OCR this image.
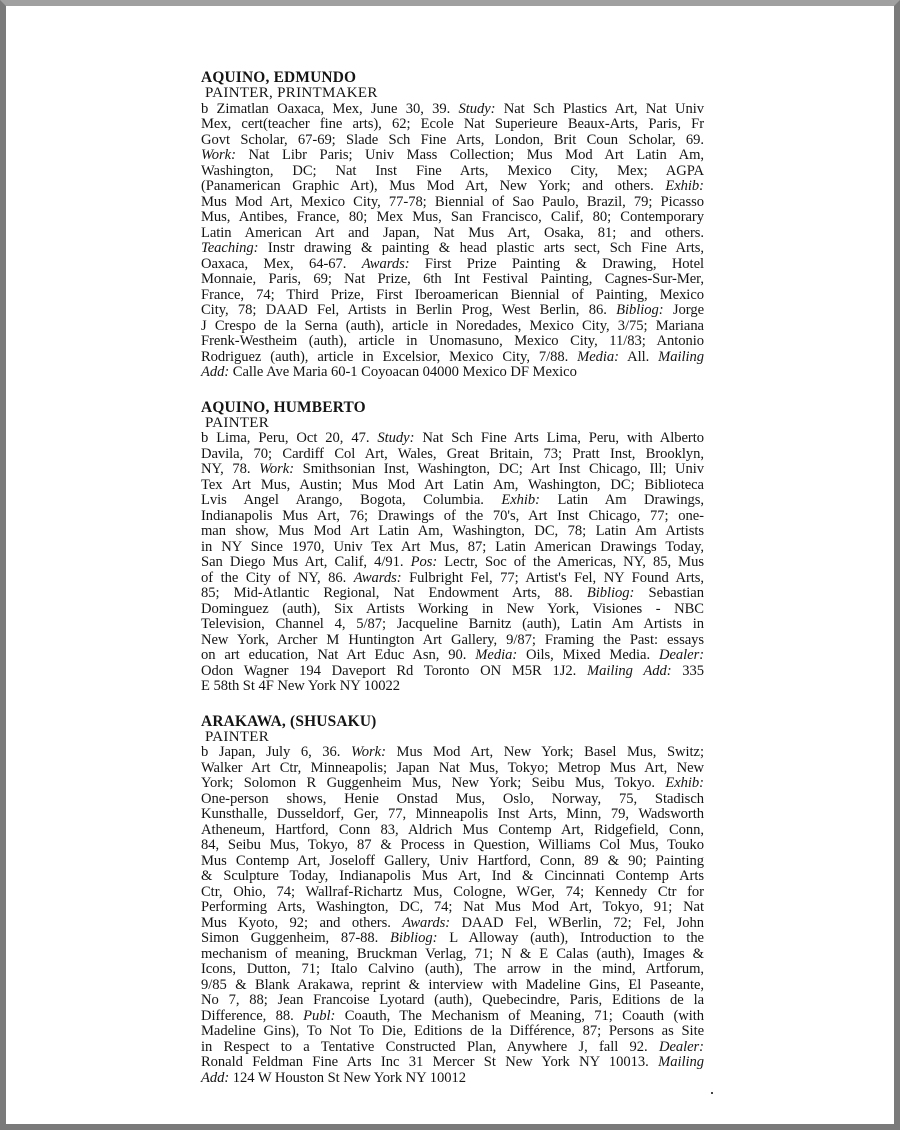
AQUINO, EDMUNDO
PAINTER, PRINTMAKER
b Zimatlan Oaxaca, Mex, June 30, 39. Study: Nat Sch Plastics Art, Nat Univ
Mex, cert(teacher fine arts), 62; Ecole Nat Superieure Beaux-Arts, Paris, Fr
Govt Scholar, 67-69; Slade Sch Fine Arts, London, Brit Coun Scholar, 69.
Work: Nat Libr Paris; Univ Mass Collection; Mus Mod Art Latin Am,
Washington, DC; Nat Inst Fine Arts, Mexico City, Mex; AGPA
(Panamerican Graphic Art), Mus Mod Art, New York; and others. Exhib:
Mus Mod Art, Mexico City, 77-78; Biennial of Sao Paulo, Brazil, 79; Picasso
Mus, Antibes, France, 80; Mex Mus, San Francisco, Calif, 80; Contemporary
Latin American Art and Japan, Nat Mus Art, Osaka, 81; and others.
Teaching: Instr drawing & painting & head plastic arts sect, Sch Fine Arts,
Oaxaca, Mex, 64-67. Awards: First Prize Painting & Drawing, Hotel
Monnaie, Paris, 69; Nat Prize, 6th Int Festival Painting, Cagnes-Sur-Mer,
France, 74; Third Prize, First Iberoamerican Biennial of Painting, Mexico
City, 78; DAAD Fel, Artists in Berlin Prog, West Berlin, 86. Bibliog: Jorge
J Crespo de la Serna (auth), article in Noredades, Mexico City, 3/75; Mariana
Frenk-Westheim (auth), article in Unomasuno, Mexico City, 11/83; Antonio
Rodriguez (auth), article in Excelsior, Mexico City, 7/88. Media: All. Mailing
Add: Calle Ave Maria 60-1 Coyoacan 04000 Mexico DF Mexico
AQUINO, HUMBERTO
PAINTER
b Lima, Peru, Oct 20, 47. Study: Nat Sch Fine Arts Lima, Peru, with Alberto
Davila, 70; Cardiff Col Art, Wales, Great Britain, 73; Pratt Inst, Brooklyn,
NY, 78. Work: Smithsonian Inst, Washington, DC; Art Inst Chicago, Ill; Univ
Tex Art Mus, Austin; Mus Mod Art Latin Am, Washington, DC; Biblioteca
Lvis Angel Arango, Bogota, Columbia. Exhib: Latin Am Drawings,
Indianapolis Mus Art, 76; Drawings of the 70's, Art Inst Chicago, 77; one-
man show, Mus Mod Art Latin Am, Washington, DC, 78; Latin Am Artists
in NY Since 1970, Univ Tex Art Mus, 87; Latin American Drawings Today,
San Diego Mus Art, Calif, 4/91. Pos: Lectr, Soc of the Americas, NY, 85, Mus
of the City of NY, 86. Awards: Fulbright Fel, 77; Artist's Fel, NY Found Arts,
85; Mid-Atlantic Regional, Nat Endowment Arts, 88. Bibliog: Sebastian
Dominguez (auth), Six Artists Working in New York, Visiones - NBC
Television, Channel 4, 5/87; Jacqueline Barnitz (auth), Latin Am Artists in
New York, Archer M Huntington Art Gallery, 9/87; Framing the Past: essays
on art education, Nat Art Educ Asn, 90. Media: Oils, Mixed Media. Dealer:
Odon Wagner 194 Daveport Rd Toronto ON M5R 1J2. Mailing Add: 335
E 58th St 4F New York NY 10022
ARAKAWA, (SHUSAKU)
PAINTER
b Japan, July 6, 36. Work: Mus Mod Art, New York; Basel Mus, Switz;
Walker Art Ctr, Minneapolis; Japan Nat Mus, Tokyo; Metrop Mus Art, New
York; Solomon R Guggenheim Mus, New York; Seibu Mus, Tokyo. Exhib:
One-person shows, Henie Onstad Mus, Oslo, Norway, 75, Stadisch
Kunsthalle, Dusseldorf, Ger, 77, Minneapolis Inst Arts, Minn, 79, Wadsworth
Atheneum, Hartford, Conn 83, Aldrich Mus Contemp Art, Ridgefield, Conn,
84, Seibu Mus, Tokyo, 87 & Process in Question, Williams Col Mus, Touko
Mus Contemp Art, Joseloff Gallery, Univ Hartford, Conn, 89 & 90; Painting
& Sculpture Today, Indianapolis Mus Art, Ind & Cincinnati Contemp Arts
Ctr, Ohio, 74; Wallraf-Richartz Mus, Cologne, WGer, 74; Kennedy Ctr for
Performing Arts, Washington, DC, 74; Nat Mus Mod Art, Tokyo, 91; Nat
Mus Kyoto, 92; and others. Awards: DAAD Fel, WBerlin, 72; Fel, John
Simon Guggenheim, 87-88. Bibliog: L Alloway (auth), Introduction to the
mechanism of meaning, Bruckman Verlag, 71; N & E Calas (auth), Images &
Icons, Dutton, 71; Italo Calvino (auth), The arrow in the mind, Artforum,
9/85 & Blank Arakawa, reprint & interview with Madeline Gins, El Paseante,
No 7, 88; Jean Francoise Lyotard (auth), Quebecindre, Paris, Editions de la
Difference, 88. Publ: Coauth, The Mechanism of Meaning, 71; Coauth (with
Madeline Gins), To Not To Die, Editions de la Différence, 87; Persons as Site
in Respect to a Tentative Constructed Plan, Anywhere J, fall 92. Dealer:
Ronald Feldman Fine Arts Inc 31 Mercer St New York NY 10013. Mailing
Add: 124 W Houston St New York NY 10012
